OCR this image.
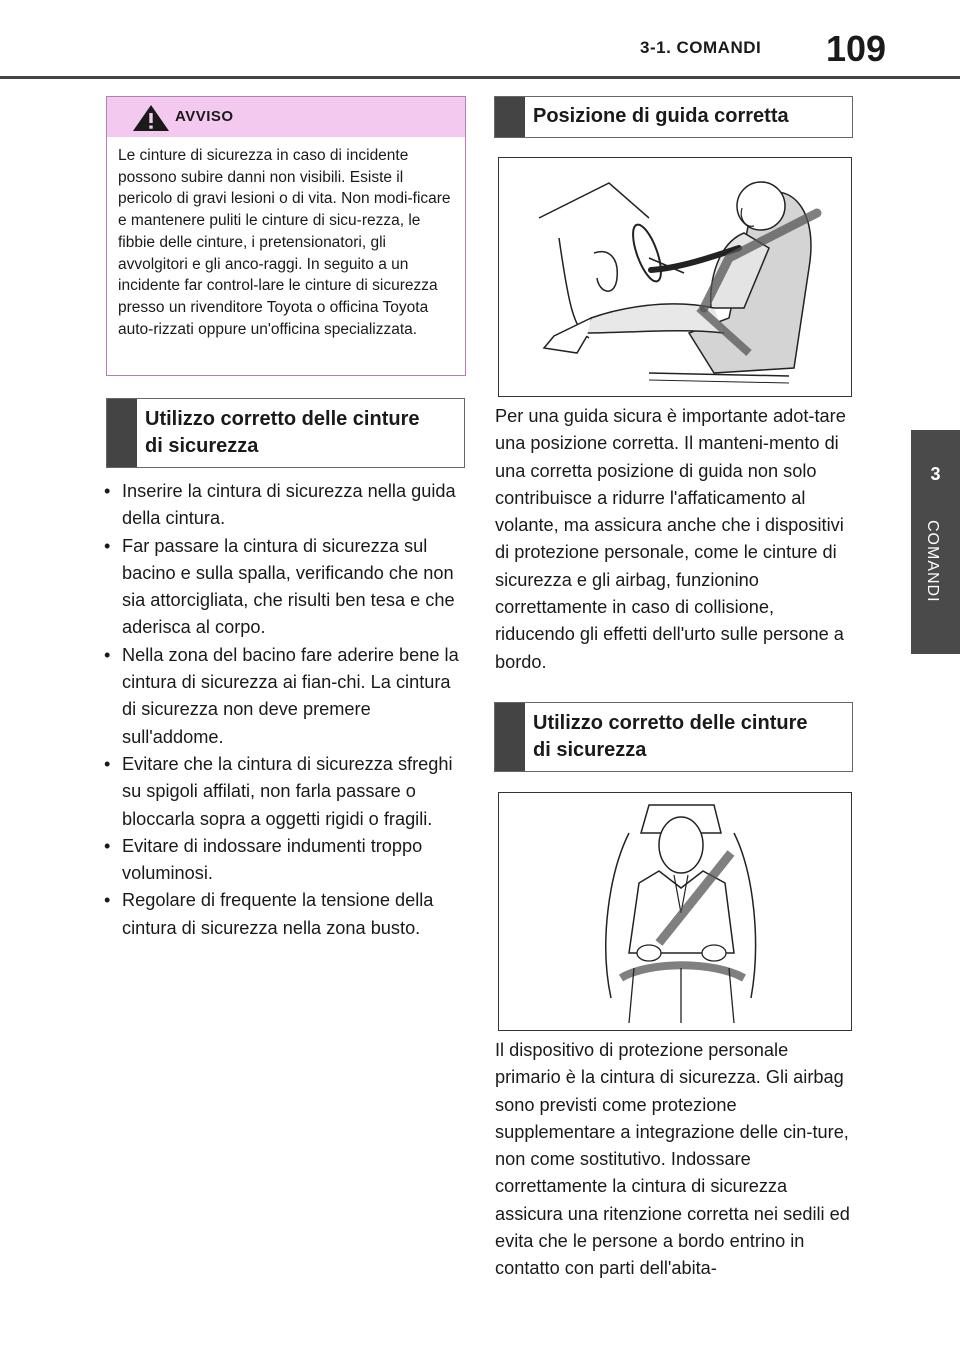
3-1. COMANDI 109
3
COMANDI
AVVISO
Le cinture di sicurezza in caso di incidente possono subire danni non visibili. Esiste il pericolo di gravi lesioni o di vita. Non modi-ficare e mantenere puliti le cinture di sicu-rezza, le fibbie delle cinture, i pretensionatori, gli avvolgitori e gli anco-raggi. In seguito a un incidente far control-lare le cinture di sicurezza presso un rivenditore Toyota o officina Toyota auto-rizzati oppure un'officina specializzata.
Utilizzo corretto delle cinture
di sicurezza
• Inserire la cintura di sicurezza nella guida della cintura.
• Far passare la cintura di sicurezza sul bacino e sulla spalla, verificando che non sia attorcigliata, che risulti ben tesa e che aderisca al corpo.
• Nella zona del bacino fare aderire bene la cintura di sicurezza ai fian-chi. La cintura di sicurezza non deve premere sull'addome.
• Evitare che la cintura di sicurezza sfreghi su spigoli affilati, non farla passare o bloccarla sopra a oggetti rigidi o fragili.
• Evitare di indossare indumenti troppo voluminosi.
• Regolare di frequente la tensione della cintura di sicurezza nella zona busto.
Posizione di guida corretta
Per una guida sicura è importante adot-tare una posizione corretta. Il manteni-mento di una corretta posizione di guida non solo contribuisce a ridurre l'affaticamento al volante, ma assicura anche che i dispositivi di protezione personale, come le cinture di sicurezza e gli airbag, funzionino correttamente in caso di collisione, riducendo gli effetti dell'urto sulle persone a bordo.
Utilizzo corretto delle cinture
di sicurezza
Il dispositivo di protezione personale primario è la cintura di sicurezza. Gli airbag sono previsti come protezione supplementare a integrazione delle cin-ture, non come sostitutivo. Indossare correttamente la cintura di sicurezza assicura una ritenzione corretta nei sedili ed evita che le persone a bordo entrino in contatto con parti dell'abita-
